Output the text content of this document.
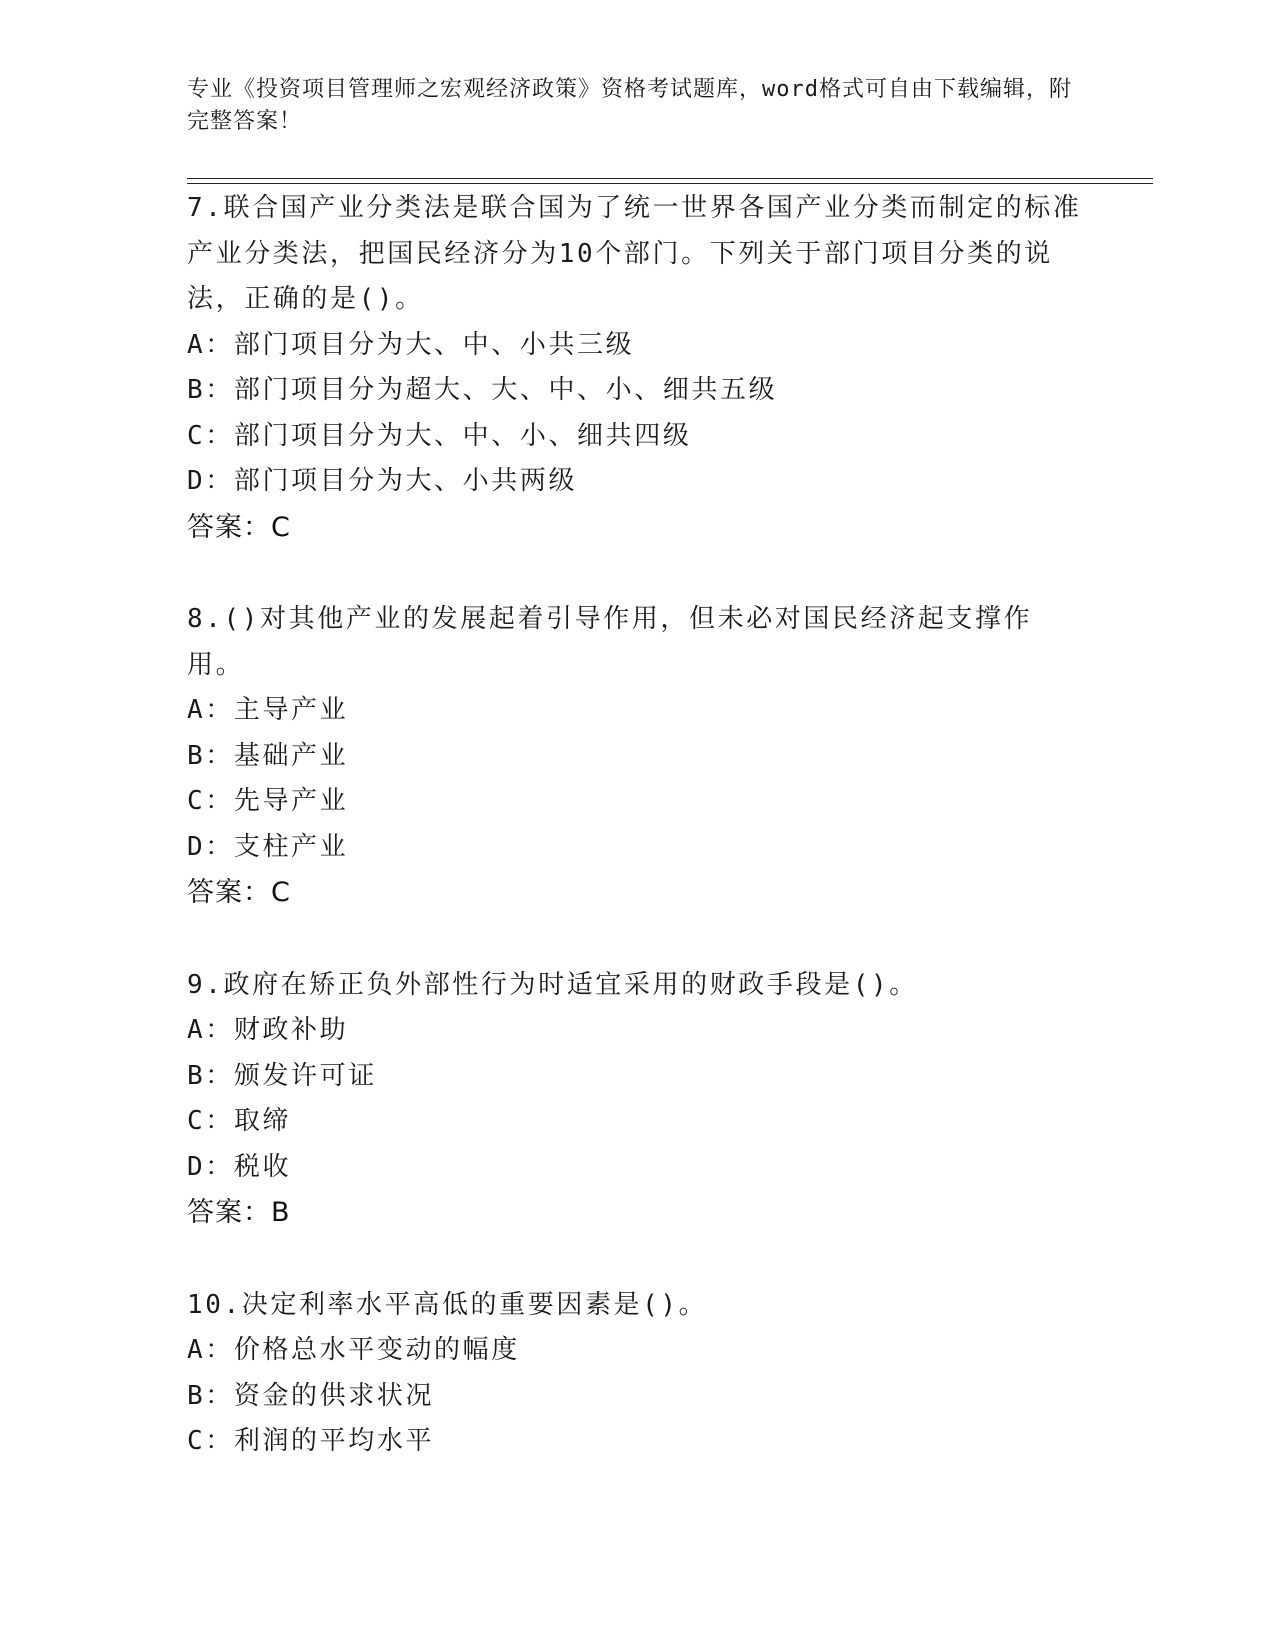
专业《投资项目管理师之宏观经济政策》资格考试题库，word格式可自由下载编辑，附完整答案！
7.联合国产业分类法是联合国为了统一世界各国产业分类而制定的标准产业分类法，把国民经济分为10个部门。下列关于部门项目分类的说法，正确的是()。
A：部门项目分为大、中、小共三级
B：部门项目分为超大、大、中、小、细共五级
C：部门项目分为大、中、小、细共四级
D：部门项目分为大、小共两级
答案：C
8.()对其他产业的发展起着引导作用，但未必对国民经济起支撑作用。
A：主导产业
B：基础产业
C：先导产业
D：支柱产业
答案：C
9.政府在矫正负外部性行为时适宜采用的财政手段是()。
A：财政补助
B：颁发许可证
C：取缔
D：税收
答案：B
10.决定利率水平高低的重要因素是()。
A：价格总水平变动的幅度
B：资金的供求状况
C：利润的平均水平
